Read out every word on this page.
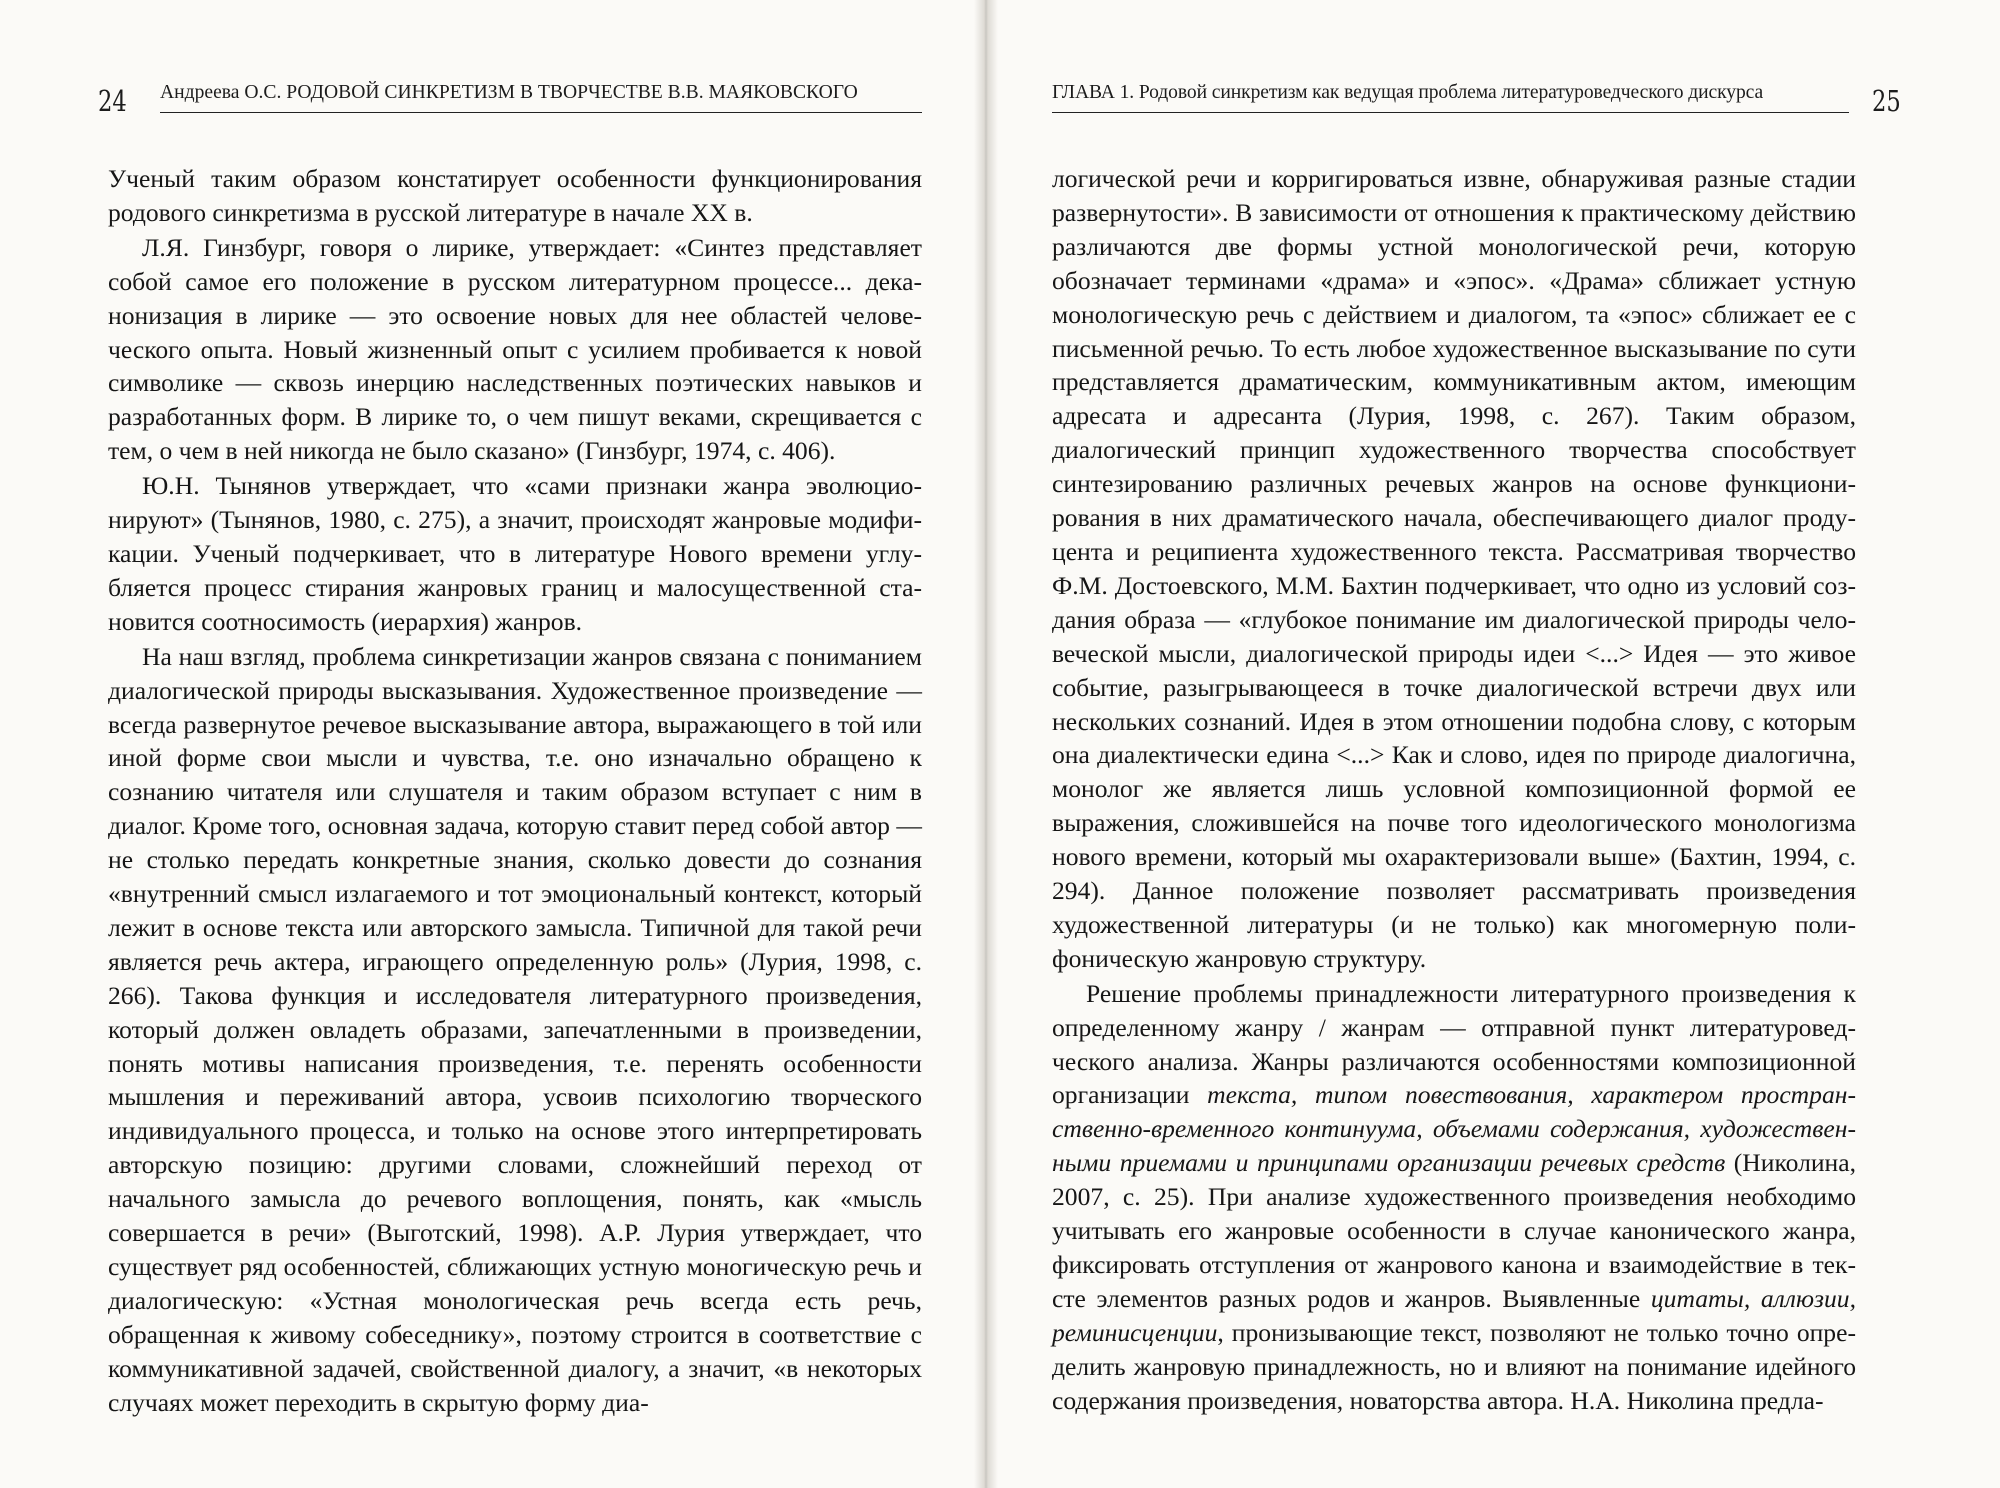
24 Андреева О.С. РОДОВОЙ СИНКРЕТИЗМ В ТВОРЧЕСТВЕ В.В. МАЯКОВСКОГО

Ученый таким образом констатирует особенности функционирования родового синкретизма в русской литературе в начале XX в.

Л.Я. Гинзбург, говоря о лирике, утверждает: «Синтез представляет собой самое его положение в русском литературном процессе... деканонизация в лирике — это освоение новых для нее областей человеческого опыта. Новый жизненный опыт с усилием пробивается к новой символике — сквозь инерцию наследственных поэтических навыков и разработанных форм. В лирике то, о чем пишут веками, скрещивается с тем, о чем в ней никогда не было сказано» (Гинзбург, 1974, с. 406).

Ю.Н. Тынянов утверждает, что «сами признаки жанра эволюционируют» (Тынянов, 1980, с. 275), а значит, происходят жанровые модификации. Ученый подчеркивает, что в литературе Нового времени углубляется процесс стирания жанровых границ и малосущественной становится соотносимость (иерархия) жанров.

На наш взгляд, проблема синкретизации жанров связана с пониманием диалогической природы высказывания. Художественное произведение — всегда развернутое речевое высказывание автора, выражающего в той или иной форме свои мысли и чувства, т.е. оно изначально обращено к сознанию читателя или слушателя и таким образом вступает с ним в диалог. Кроме того, основная задача, которую ставит перед собой автор — не столько передать конкретные знания, сколько довести до сознания «внутренний смысл излагаемого и тот эмоциональный контекст, который лежит в основе текста или авторского замысла. Типичной для такой речи является речь актера, играющего определенную роль» (Лурия, 1998, с. 266). Такова функция и исследователя литературного произведения, который должен овладеть образами, запечатленными в произведении, понять мотивы написания произведения, т.е. перенять особенности мышления и переживаний автора, усвоив психологию творческого индивидуального процесса, и только на основе этого интерпретировать авторскую позицию: другими словами, сложнейший переход от начального замысла до речевого воплощения, понять, как «мысль совершается в речи» (Выготский, 1998). А.Р. Лурия утверждает, что существует ряд особенностей, сближающих устную моногическую речь и диалогическую: «Устная монологическая речь всегда есть речь, обращенная к живому собеседнику», поэтому строится в соответствие с коммуникативной задачей, свойственной диалогу, а значит, «в некоторых случаях может переходить в скрытую форму диа-

25
ГЛАВА 1. Родовой синкретизм как ведущая проблема литературоведческого дискурса

логической речи и корригироваться извне, обнаруживая разные стадии развернутости». В зависимости от отношения к практическому действию различаются две формы устной монологической речи, которую обозначает терминами «драма» и «эпос». «Драма» сближает устную монологическую речь с действием и диалогом, та «эпос» сближает ее с письменной речью. То есть любое художественное высказывание по сути представляется драматическим, коммуникативным актом, имеющим адресата и адресанта (Лурия, 1998, с. 267). Таким образом, диалогический принцип художественного творчества способствует синтезированию различных речевых жанров на основе функционирования в них драматического начала, обеспечивающего диалог продуцента и реципиента художественного текста. Рассматривая творчество Ф.М. Достоевского, М.М. Бахтин подчеркивает, что одно из условий создания образа — «глубокое понимание им диалогической природы человеческой мысли, диалогической природы идеи <...> Идея — это живое событие, разыгрывающееся в точке диалогической встречи двух или нескольких сознаний. Идея в этом отношении подобна слову, с которым она диалектически едина <...> Как и слово, идея по природе диалогична, монолог же является лишь условной композиционной формой ее выражения, сложившейся на почве того идеологического монологизма нового времени, который мы охарактеризовали выше» (Бахтин, 1994, с. 294). Данное положение позволяет рассматривать произведения художественной литературы (и не только) как многомерную полифоническую жанровую структуру.

Решение проблемы принадлежности литературного произведения к определенному жанру / жанрам — отправной пункт литературоведческого анализа. Жанры различаются особенностями композиционной организации текста, типом повествования, характером пространственно-временного континуума, объемами содержания, художественными приемами и принципами организации речевых средств (Николина, 2007, с. 25). При анализе художественного произведения необходимо учитывать его жанровые особенности в случае канонического жанра, фиксировать отступления от жанрового канона и взаимодействие в тексте элементов разных родов и жанров. Выявленные цитаты, аллюзии, реминисценции, пронизывающие текст, позволяют не только точно определить жанровую принадлежность, но и влияют на понимание идейного содержания произведения, новаторства автора. Н.А. Николина предла-
